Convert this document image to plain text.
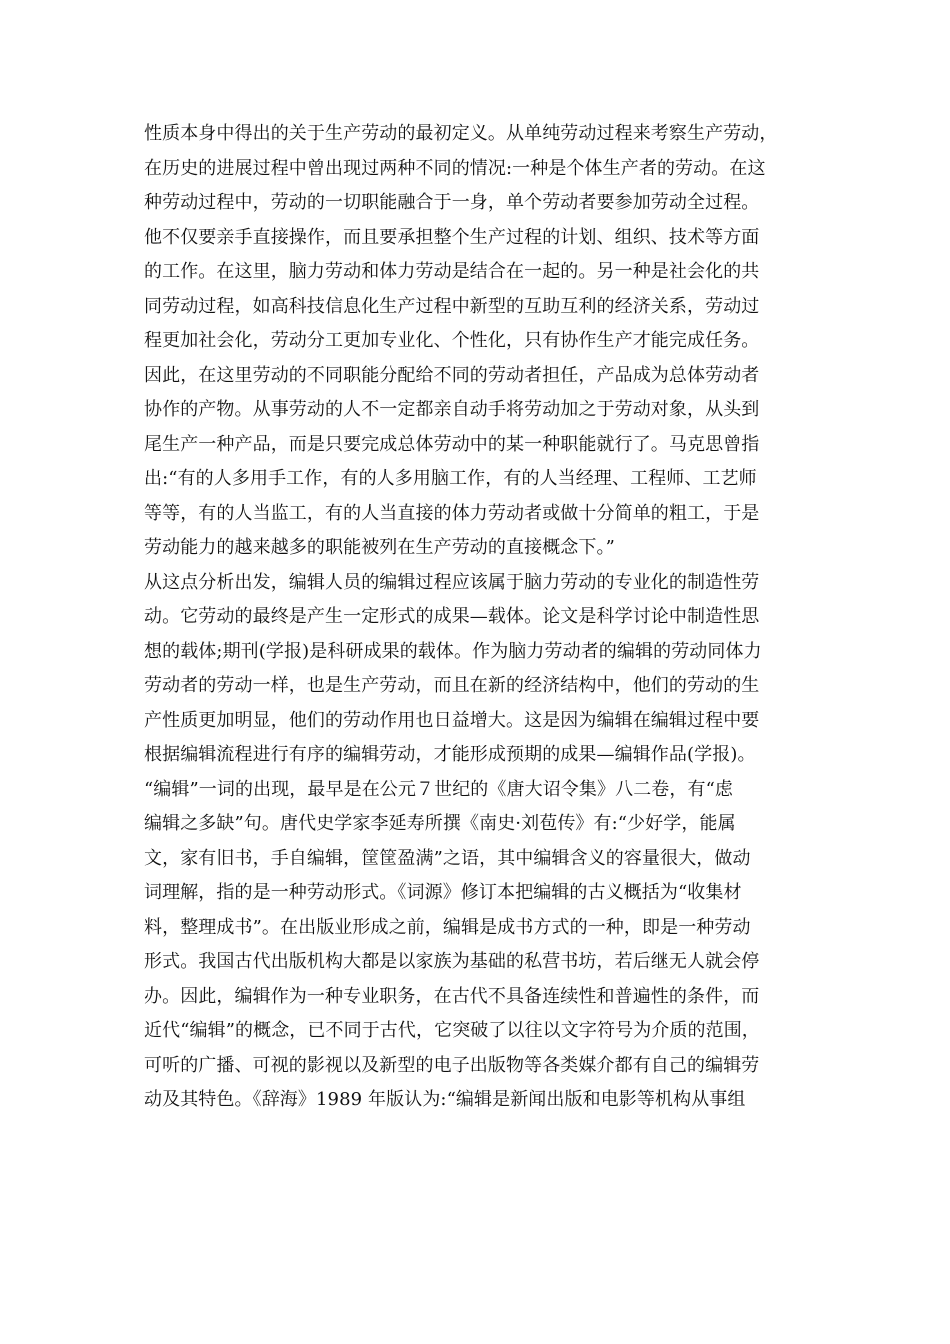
性质本身中得出的关于生产劳动的最初定义。从单纯劳动过程来考察生产劳动，
在历史的进展过程中曾出现过两种不同的情况:一种是个体生产者的劳动。在这
种劳动过程中，劳动的一切职能融合于一身，单个劳动者要参加劳动全过程。
他不仅要亲手直接操作，而且要承担整个生产过程的计划、组织、技术等方面
的工作。在这里，脑力劳动和体力劳动是结合在一起的。另一种是社会化的共
同劳动过程，如高科技信息化生产过程中新型的互助互利的经济关系，劳动过
程更加社会化，劳动分工更加专业化、个性化，只有协作生产才能完成任务。
因此，在这里劳动的不同职能分配给不同的劳动者担任，产品成为总体劳动者
协作的产物。从事劳动的人不一定都亲自动手将劳动加之于劳动对象，从头到
尾生产一种产品，而是只要完成总体劳动中的某一种职能就行了。马克思曾指
出:“有的人多用手工作，有的人多用脑工作，有的人当经理、工程师、工艺师
等等，有的人当监工，有的人当直接的体力劳动者或做十分简单的粗工，于是
劳动能力的越来越多的职能被列在生产劳动的直接概念下。”
从这点分析出发，编辑人员的编辑过程应该属于脑力劳动的专业化的制造性劳
动。它劳动的最终是产生一定形式的成果—载体。论文是科学讨论中制造性思
想的载体;期刊(学报)是科研成果的载体。作为脑力劳动者的编辑的劳动同体力
劳动者的劳动一样，也是生产劳动，而且在新的经济结构中，他们的劳动的生
产性质更加明显，他们的劳动作用也日益增大。这是因为编辑在编辑过程中要
根据编辑流程进行有序的编辑劳动，才能形成预期的成果—编辑作品(学报)。
“编辑”一词的出现，最早是在公元７世纪的《唐大诏令集》八二卷，有“虑
编辑之多缺”句。唐代史学家李延寿所撰《南史·刘苞传》有:“少好学，能属
文，家有旧书，手自编辑，筐筐盈满”之语，其中编辑含义的容量很大，做动
词理解，指的是一种劳动形式。《词源》修订本把编辑的古义概括为“收集材
料，整理成书”。在出版业形成之前，编辑是成书方式的一种，即是一种劳动
形式。我国古代出版机构大都是以家族为基础的私营书坊，若后继无人就会停
办。因此，编辑作为一种专业职务，在古代不具备连续性和普遍性的条件，而
近代“编辑”的概念，已不同于古代，它突破了以往以文字符号为介质的范围，
可听的广播、可视的影视以及新型的电子出版物等各类媒介都有自己的编辑劳
动及其特色。《辞海》1989 年版认为:“编辑是新闻出版和电影等机构从事组
